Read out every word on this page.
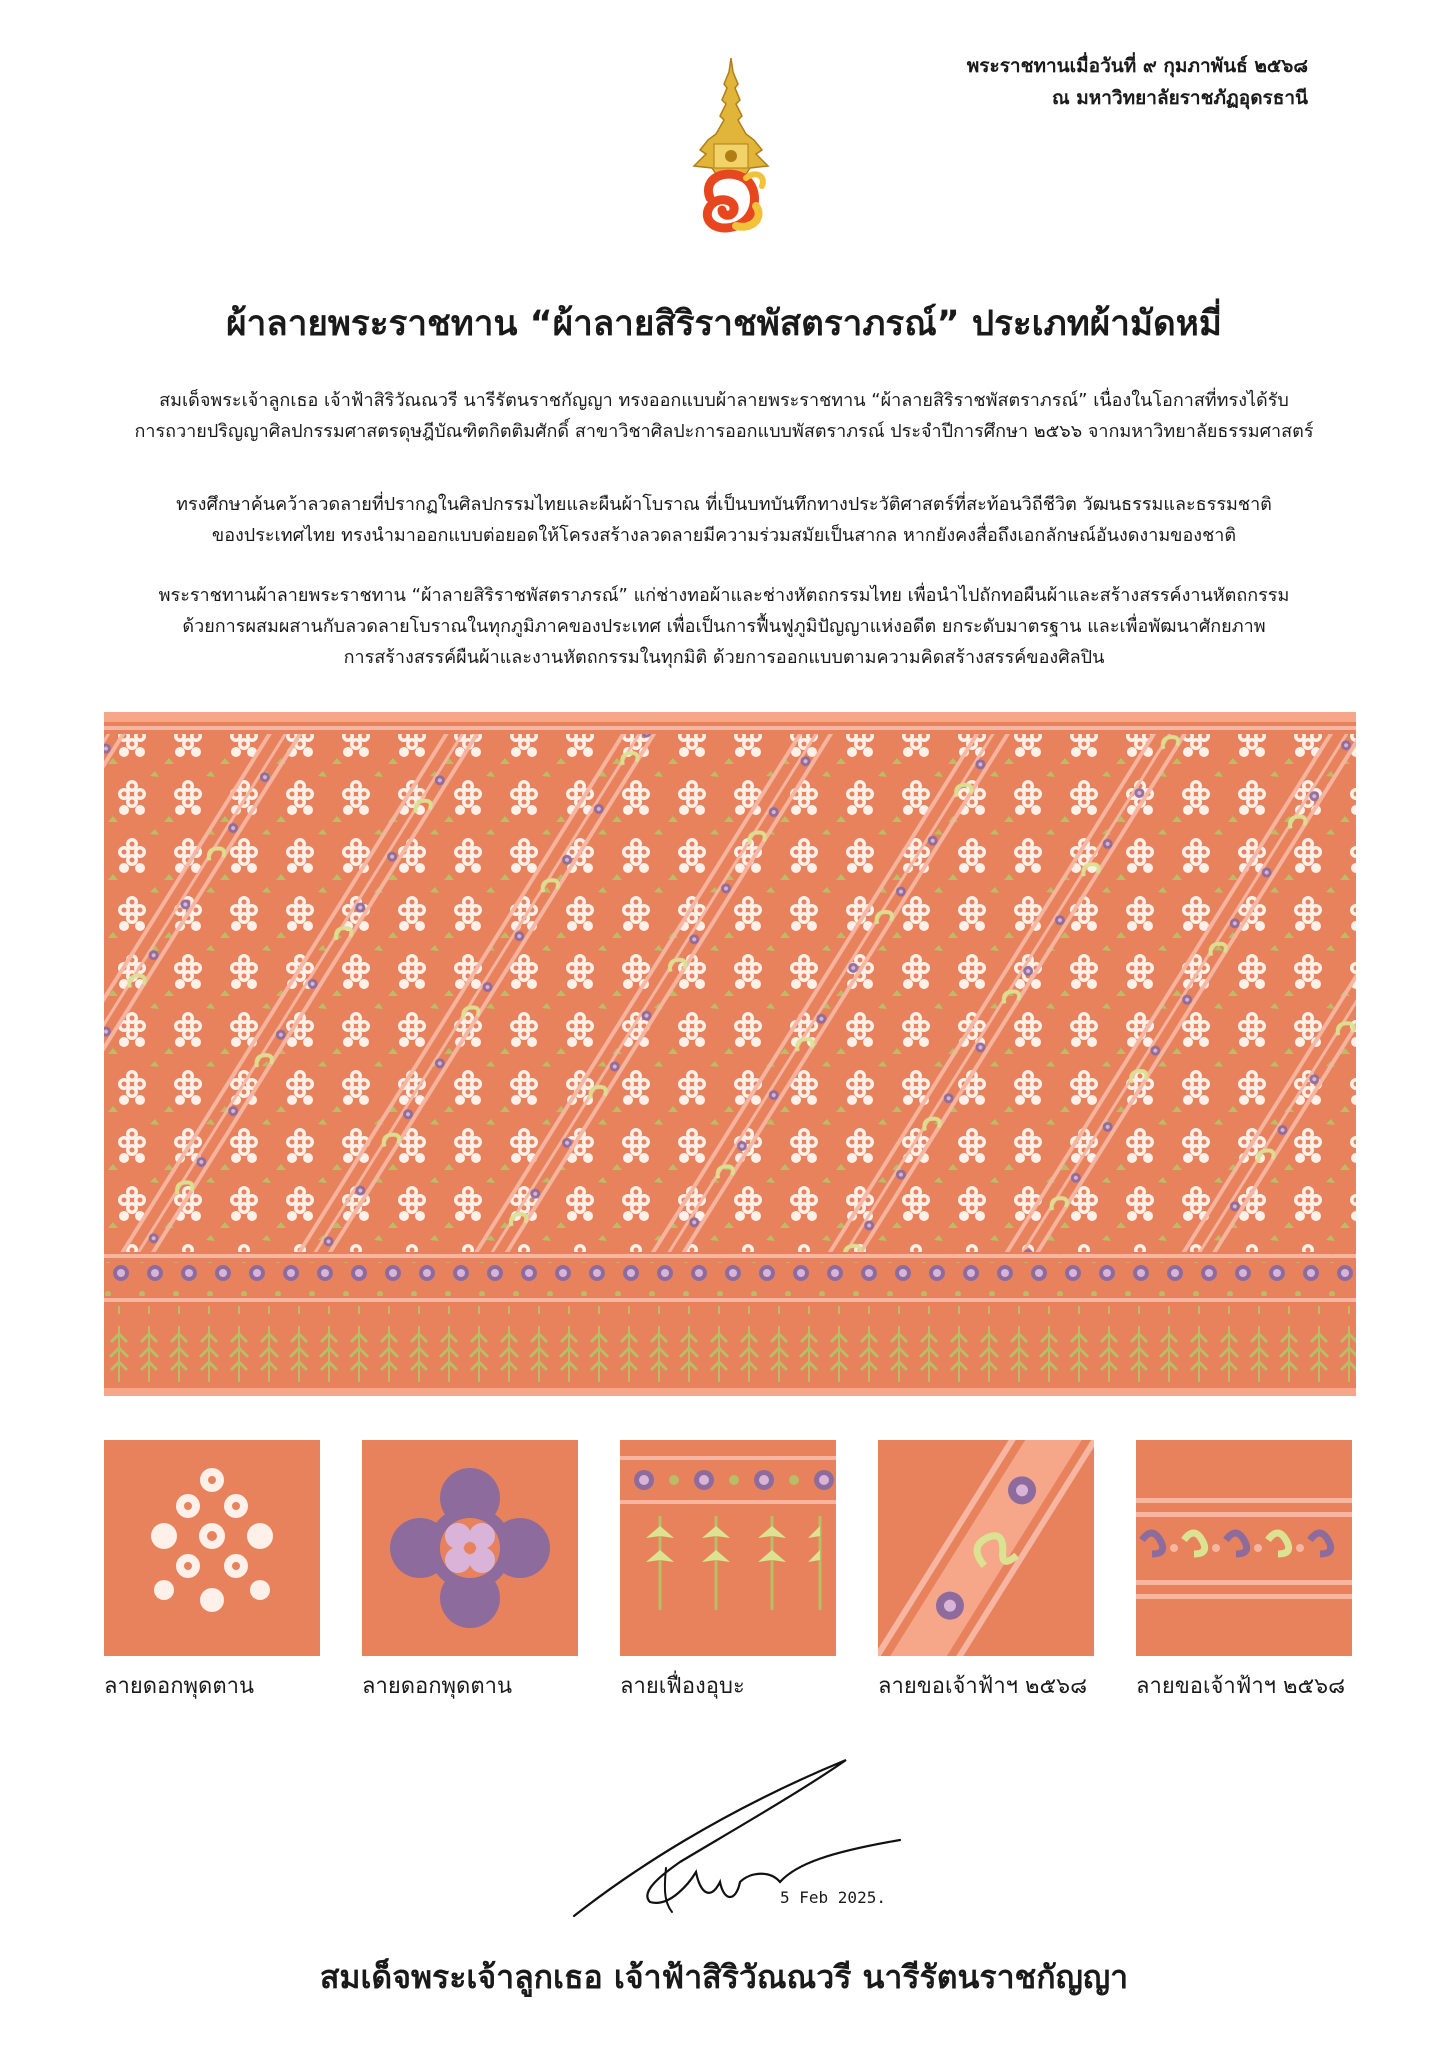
พระราชทานเมื่อวันที่ ๙ กุมภาพันธ์ ๒๕๖๘
ณ มหาวิทยาลัยราชภัฏอุดรธานี
ผ้าลายพระราชทาน “ผ้าลายสิริราชพัสตราภรณ์” ประเภทผ้ามัดหมี่

สมเด็จพระเจ้าลูกเธอ เจ้าฟ้าสิริวัณณวรี นารีรัตนราชกัญญา ทรงออกแบบผ้าลายพระราชทาน “ผ้าลายสิริราชพัสตราภรณ์” เนื่องในโอกาสที่ทรงได้รับ
การถวายปริญญาศิลปกรรมศาสตรดุษฎีบัณฑิตกิตติมศักดิ์ สาขาวิชาศิลปะการออกแบบพัสตราภรณ์ ประจำปีการศึกษา ๒๕๖๖ จากมหาวิทยาลัยธรรมศาสตร์

ทรงศึกษาค้นคว้าลวดลายที่ปรากฏในศิลปกรรมไทยและผืนผ้าโบราณ ที่เป็นบทบันทึกทางประวัติศาสตร์ที่สะท้อนวิถีชีวิต วัฒนธรรมและธรรมชาติ
ของประเทศไทย ทรงนำมาออกแบบต่อยอดให้โครงสร้างลวดลายมีความร่วมสมัยเป็นสากล หากยังคงสื่อถึงเอกลักษณ์อันงดงามของชาติ

พระราชทานผ้าลายพระราชทาน “ผ้าลายสิริราชพัสตราภรณ์” แก่ช่างทอผ้าและช่างหัตถกรรมไทย เพื่อนำไปถักทอผืนผ้าและสร้างสรรค์งานหัตถกรรม
ด้วยการผสมผสานกับลวดลายโบราณในทุกภูมิภาคของประเทศ เพื่อเป็นการฟื้นฟูภูมิปัญญาแห่งอดีต ยกระดับมาตรฐาน และเพื่อพัฒนาศักยภาพ
การสร้างสรรค์ผืนผ้าและงานหัตถกรรมในทุกมิติ ด้วยการออกแบบตามความคิดสร้างสรรค์ของศิลปิน

ลายดอกพุดตาน	ลายดอกพุดตาน	ลายเฟื่องอุบะ	ลายขอเจ้าฟ้าฯ ๒๕๖๘ ลายขอเจ้าฟ้าฯ ๒๕๖๘
5 Feb 2025.
สมเด็จพระเจ้าลูกเธอ เจ้าฟ้าสิริวัณณวรี นารีรัตนราชกัญญา
